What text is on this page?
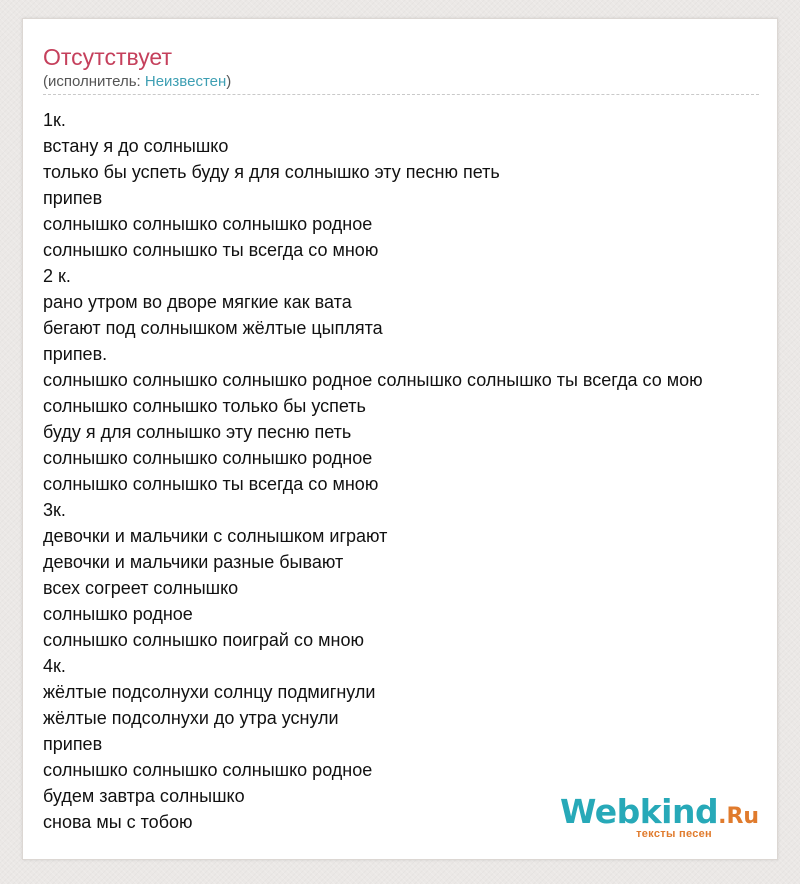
Отсутствует
(исполнитель: Неизвестен)
1к.
встану я до солнышко
только бы успеть буду я для солнышко эту песню петь
припев
солнышко солнышко солнышко родное
солнышко солнышко ты всегда со мною
2 к.
рано утром во дворе мягкие как вата
бегают под солнышком жёлтые цыплята
припев.
солнышко солнышко солнышко родное солнышко солнышко ты всегда со мою
солнышко солнышко только бы успеть
буду я для солнышко эту песню петь
солнышко солнышко солнышко родное
солнышко солнышко ты всегда со мною
3к.
девочки и мальчики с солнышком играют
девочки и мальчики разные бывают
всех согреет солнышко
солнышко родное
солнышко солнышко поиграй со мною
4к.
жёлтые подсолнухи солнцу подмигнули
жёлтые подсолнухи до утра уснули
припев
солнышко солнышко солнышко родное
будем завтра солнышко
снова мы с тобою	Webkind.Ru
тексты песен
